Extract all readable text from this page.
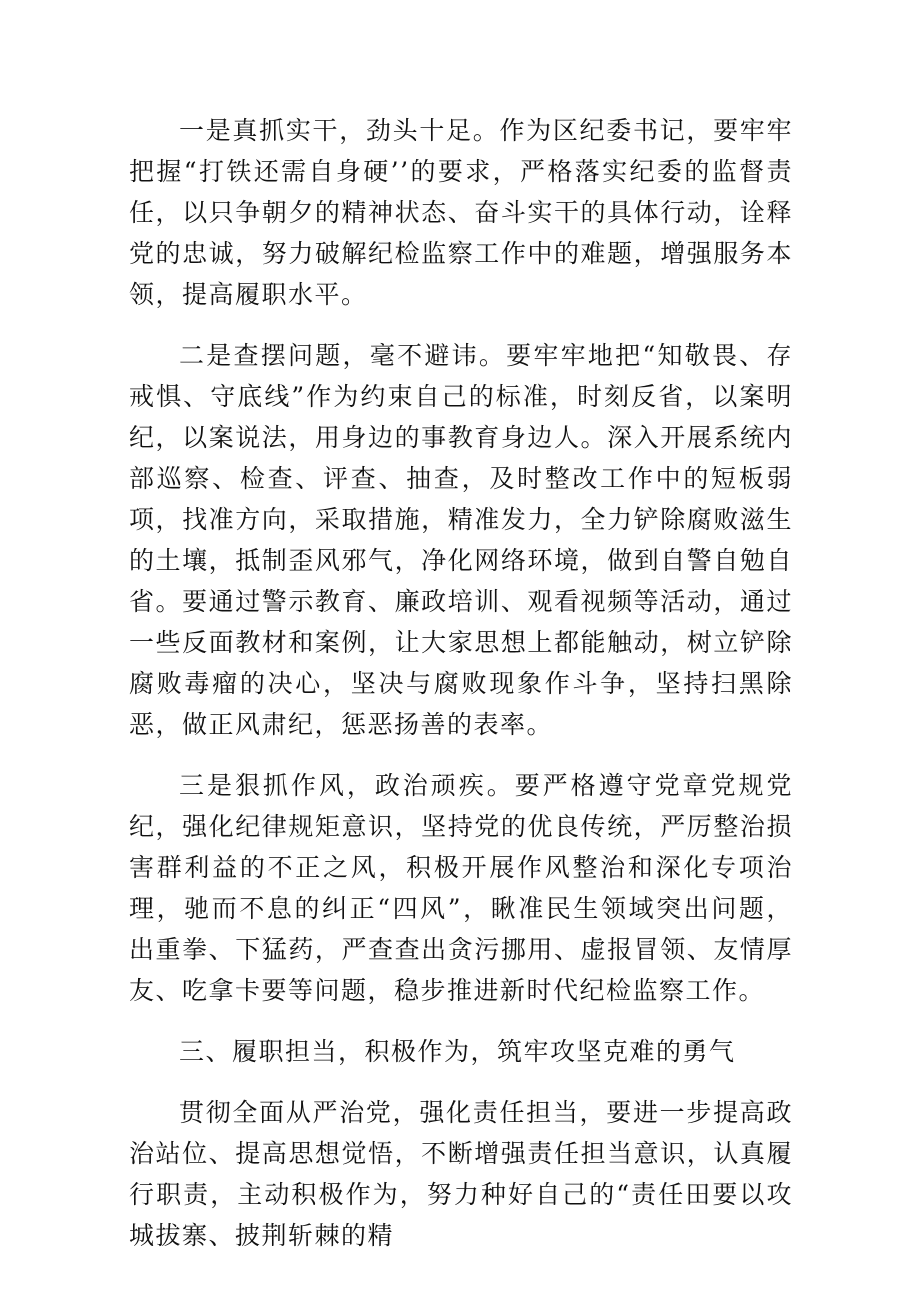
一是真抓实干，劲头十足。作为区纪委书记，要牢牢把握“打铁还需自身硬’’的要求，严格落实纪委的监督责任，以只争朝夕的精神状态、奋斗实干的具体行动，诠释党的忠诚，努力破解纪检监察工作中的难题，增强服务本领，提高履职水平。

二是查摆问题，毫不避讳。要牢牢地把“知敬畏、存戒惧、守底线”作为约束自己的标准，时刻反省，以案明纪，以案说法，用身边的事教育身边人。深入开展系统内部巡察、检查、评查、抽查，及时整改工作中的短板弱项，找准方向，采取措施，精准发力，全力铲除腐败滋生的土壤，抵制歪风邪气，净化网络环境，做到自警自勉自省。要通过警示教育、廉政培训、观看视频等活动，通过一些反面教材和案例，让大家思想上都能触动，树立铲除腐败毒瘤的决心，坚决与腐败现象作斗争，坚持扫黑除恶，做正风肃纪，惩恶扬善的表率。

三是狠抓作风，政治顽疾。要严格遵守党章党规党纪，强化纪律规矩意识，坚持党的优良传统，严厉整治损害群利益的不正之风，积极开展作风整治和深化专项治理，驰而不息的纠正“四风”，瞅准民生领域突出问题，出重拳、下猛药，严查查出贪污挪用、虚报冒领、友情厚友、吃拿卡要等问题，稳步推进新时代纪检监察工作。

三、履职担当，积极作为，筑牢攻坚克难的勇气

贯彻全面从严治党，强化责任担当，要进一步提高政治站位、提高思想觉悟，不断增强责任担当意识，认真履行职责，主动积极作为，努力种好自己的“责任田要以攻城拔寨、披荆斩棘的精
